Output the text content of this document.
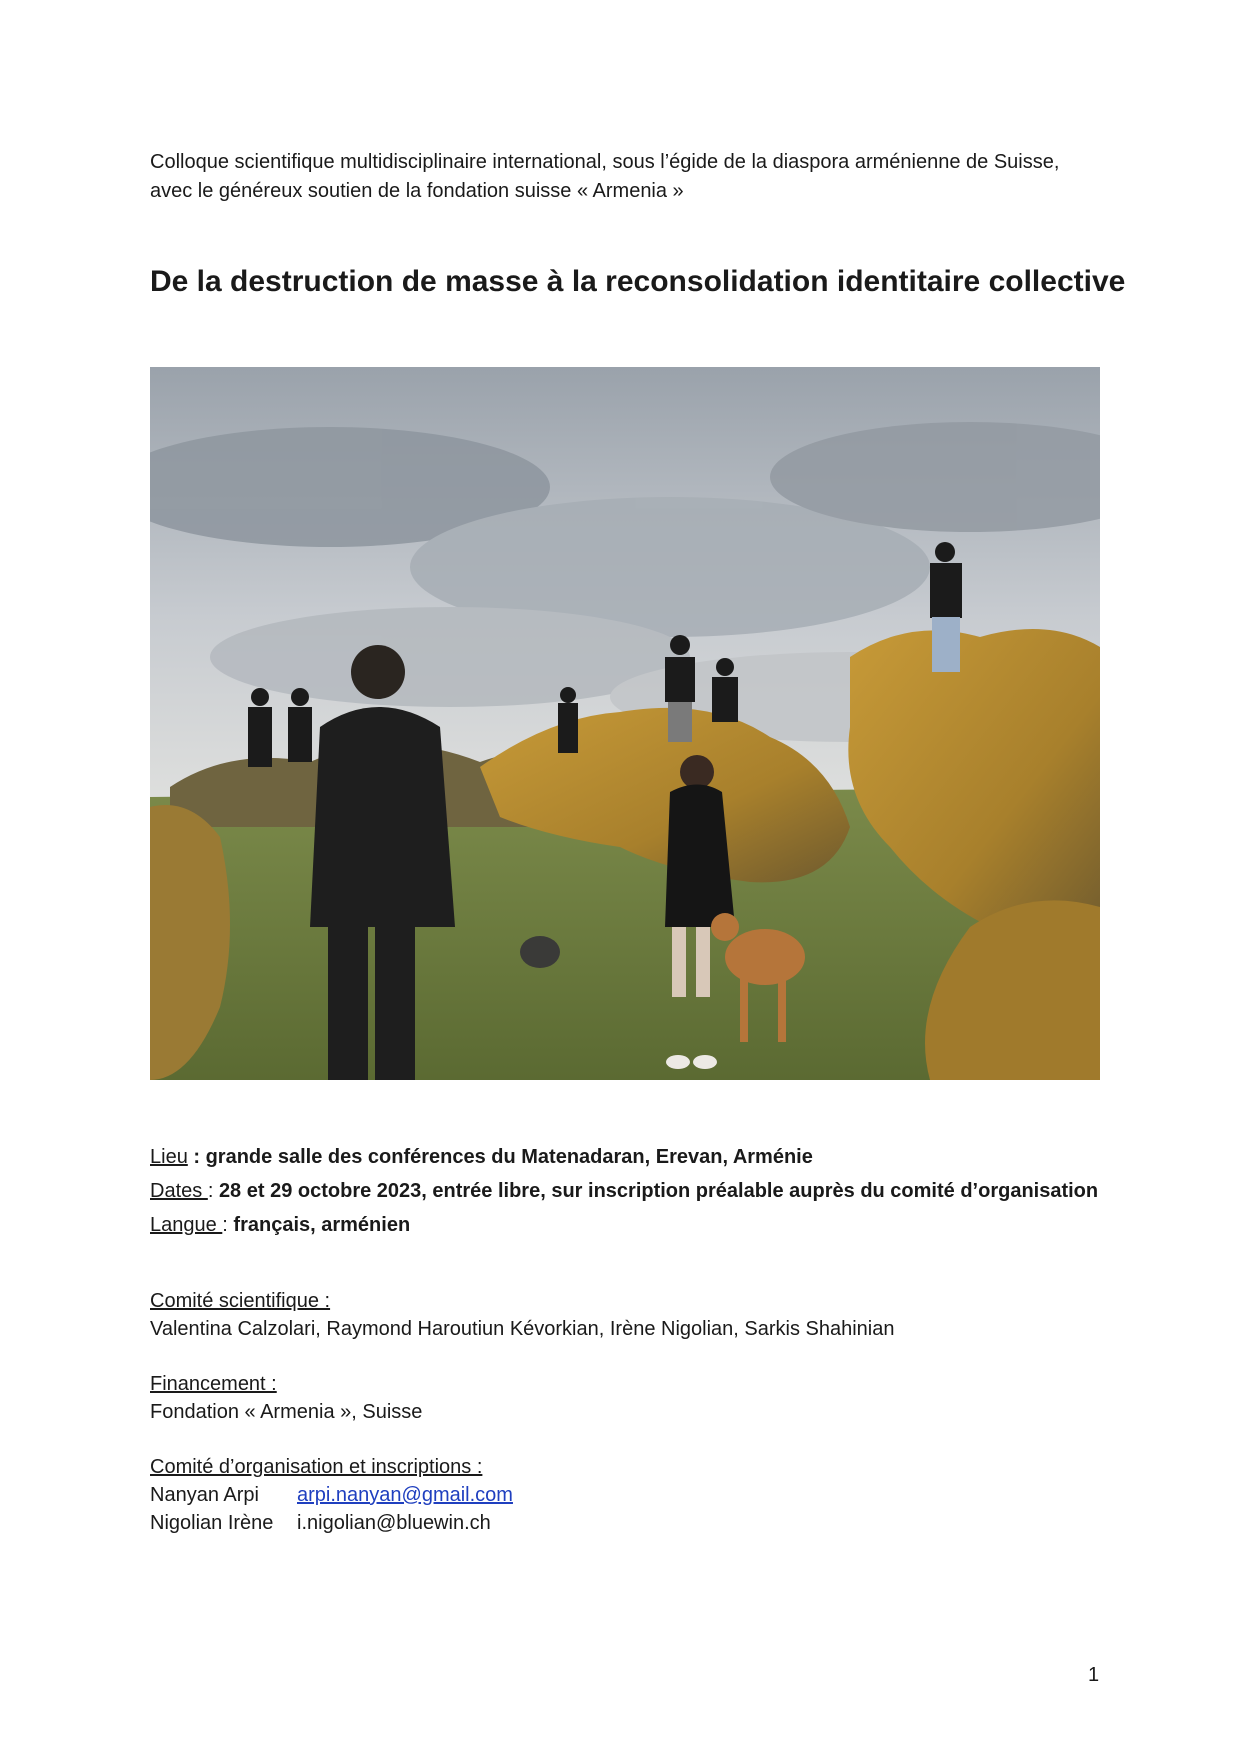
Colloque scientifique multidisciplinaire international, sous l’égide de la diaspora arménienne de Suisse,
avec le généreux soutien de la fondation suisse « Armenia »
De la destruction de masse à la reconsolidation identitaire collective
Lieu : grande salle des conférences du Matenadaran, Erevan, Arménie
Dates : 28 et 29 octobre 2023, entrée libre, sur inscription préalable auprès du comité d’organisation
Langue : français, arménien
Comité scientifique :
Valentina Calzolari, Raymond Haroutiun Kévorkian, Irène Nigolian, Sarkis Shahinian
Financement :
Fondation « Armenia », Suisse
Comité d’organisation et inscriptions :
Nanyan Arpi arpi.nanyan@gmail.com
Nigolian Irène i.nigolian@bluewin.ch
1
